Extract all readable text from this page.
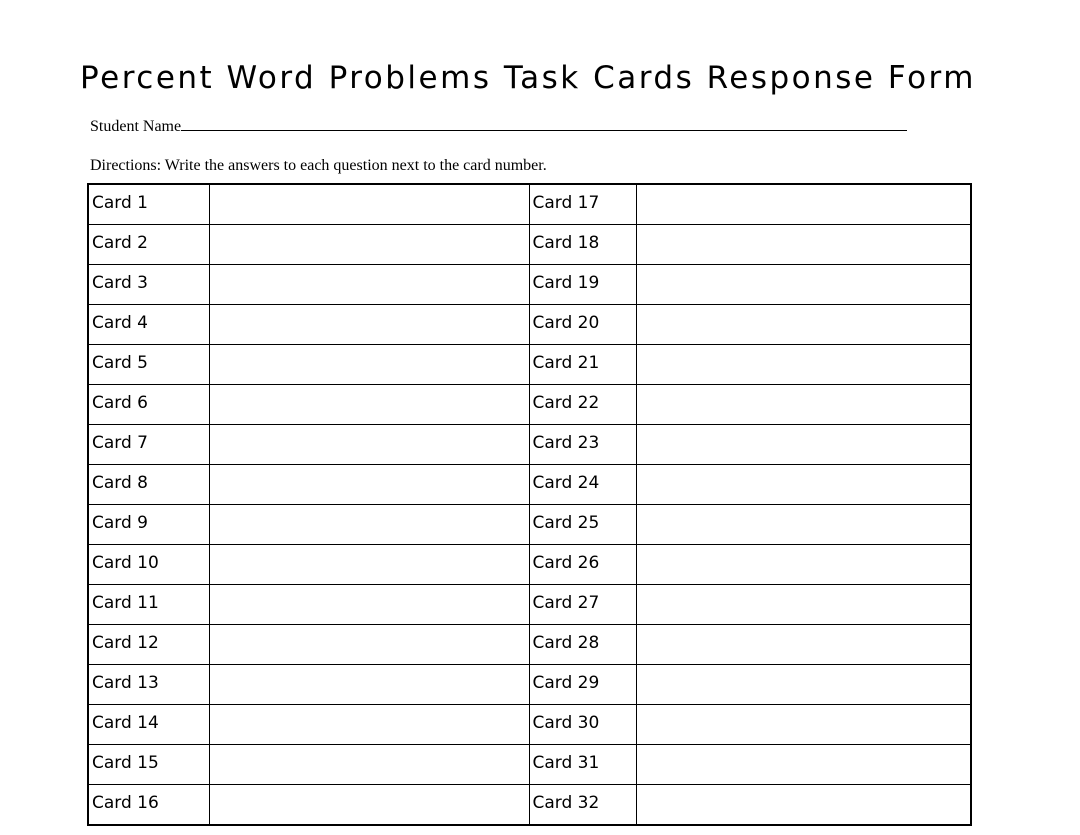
Percent Word Problems Task Cards Response Form
Student Name
Directions: Write the answers to each question next to the card number.
Card 1		Card 17	
Card 2		Card 18	
Card 3		Card 19	
Card 4		Card 20	
Card 5		Card 21	
Card 6		Card 22	
Card 7		Card 23	
Card 8		Card 24	
Card 9		Card 25	
Card 10		Card 26	
Card 11		Card 27	
Card 12		Card 28	
Card 13		Card 29	
Card 14		Card 30	
Card 15		Card 31	
Card 16		Card 32	
